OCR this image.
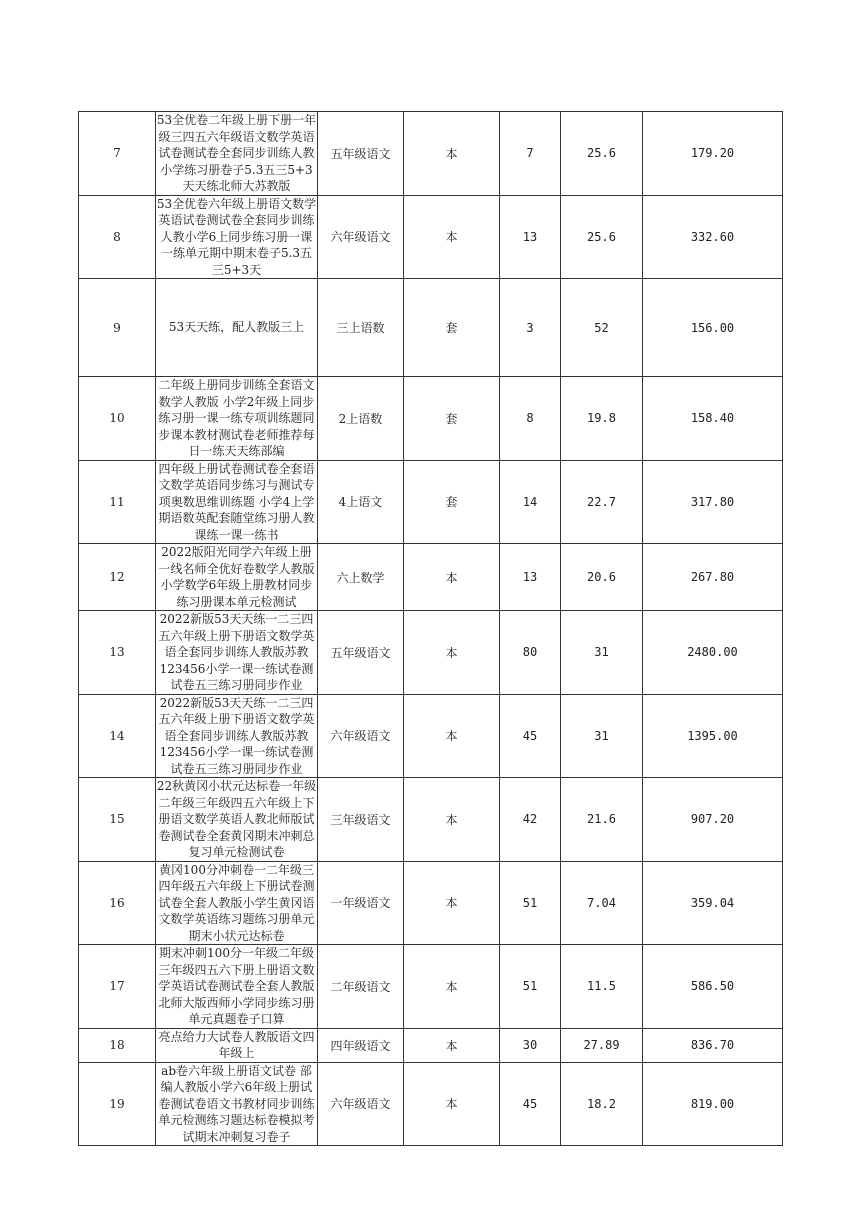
7	53全优卷二年级上册下册一年级三四五六年级语文数学英语试卷测试卷全套同步训练人教小学练习册卷子5.3五三5+3天天练北师大苏教版	五年级语文	本	7	25.6	179.20
8	53全优卷六年级上册语文数学英语试卷测试卷全套同步训练人教小学6上同步练习册一课一练单元期中期末卷子5.3五三5+3天	六年级语文	本	13	25.6	332.60
9	53天天练，配人教版三上	三上语数	套	3	52	156.00
10	二年级上册同步训练全套语文数学人教版 小学2年级上同步练习册一课一练专项训练题同步课本教材测试卷老师推荐每日一练天天练部编	2上语数	套	8	19.8	158.40
11	四年级上册试卷测试卷全套语文数学英语同步练习与测试专项奥数思维训练题 小学4上学期语数英配套随堂练习册人教课练一课一练书	4上语文	套	14	22.7	317.80
12	2022版阳光同学六年级上册一线名师全优好卷数学人教版 小学数学6年级上册教材同步练习册课本单元检测试	六上数学	本	13	20.6	267.80
13	2022新版53天天练一二三四五六年级上册下册语文数学英语全套同步训练人教版苏教123456小学一课一练试卷测试卷五三练习册同步作业	五年级语文	本	80	31	2480.00
14	2022新版53天天练一二三四五六年级上册下册语文数学英语全套同步训练人教版苏教123456小学一课一练试卷测试卷五三练习册同步作业	六年级语文	本	45	31	1395.00
15	22秋黄冈小状元达标卷一年级二年级三年级四五六年级上下册语文数学英语人教北师版试卷测试卷全套黄冈期末冲刺总复习单元检测试卷	三年级语文	本	42	21.6	907.20
16	黄冈100分冲刺卷一二年级三四年级五六年级上下册试卷测试卷全套人教版小学生黄冈语文数学英语练习题练习册单元期末小状元达标卷	一年级语文	本	51	7.04	359.04
17	期末冲刺100分一年级二年级三年级四五六下册上册语文数学英语试卷测试卷全套人教版北师大版西师小学同步练习册单元真题卷子口算	二年级语文	本	51	11.5	586.50
18	亮点给力大试卷人教版语文四年级上	四年级语文	本	30	27.89	836.70
19	ab卷六年级上册语文试卷 部编人教版小学六6年级上册试卷测试卷语文书教材同步训练单元检测练习题达标卷模拟考试期末冲刺复习卷子	六年级语文	本	45	18.2	819.00
